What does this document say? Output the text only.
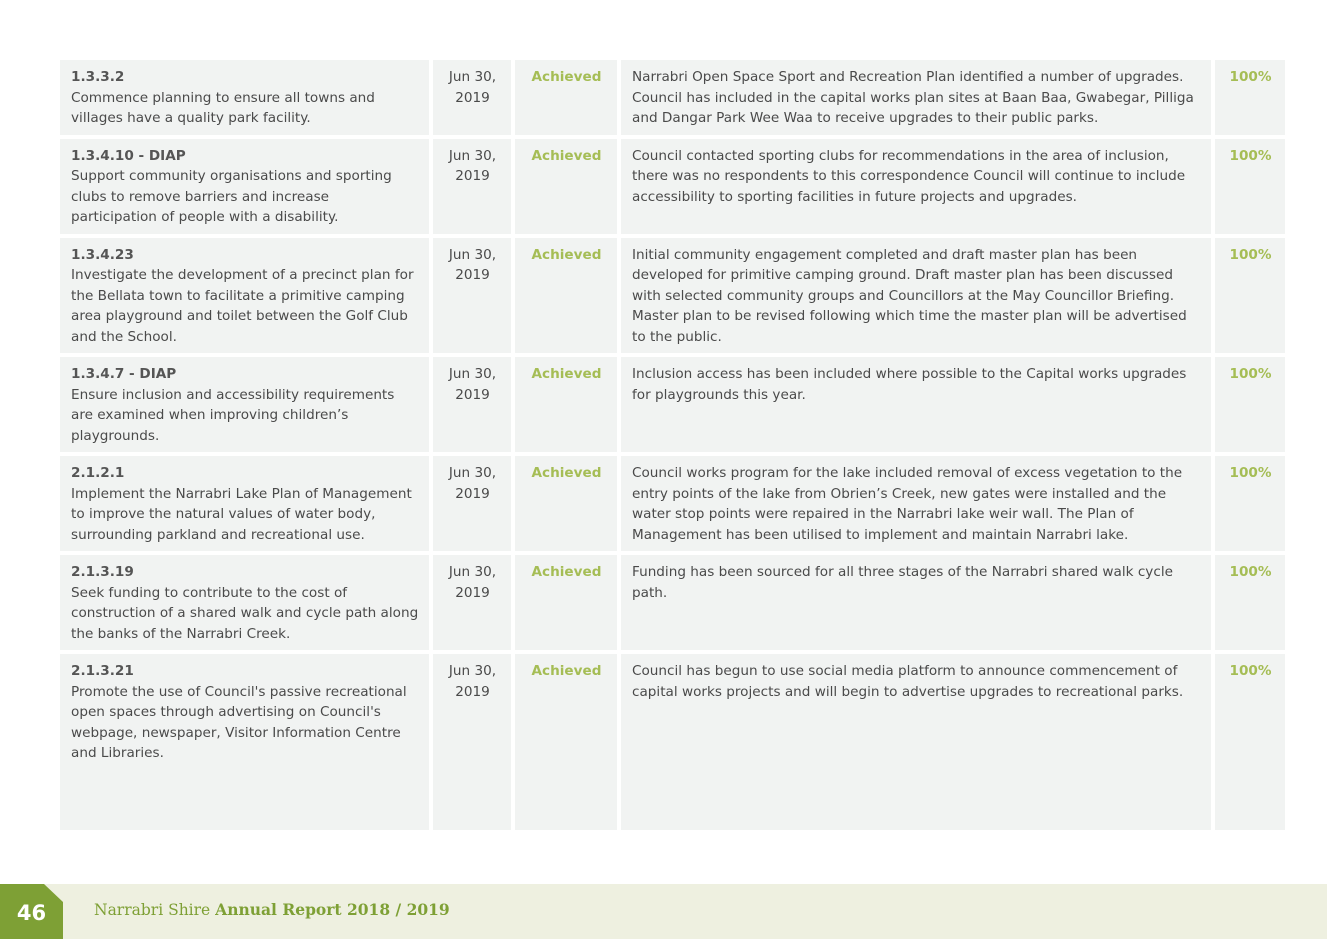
1.3.3.2
Commence planning to ensure all towns and villages have a quality park facility.	Jun 30, 2019	Achieved	Narrabri Open Space Sport and Recreation Plan identified a number of upgrades. Council has included in the capital works plan sites at Baan Baa, Gwabegar, Pilliga and Dangar Park Wee Waa to receive upgrades to their public parks.	100%

1.3.4.10 - DIAP
Support community organisations and sporting clubs to remove barriers and increase participation of people with a disability.	Jun 30, 2019	Achieved	Council contacted sporting clubs for recommendations in the area of inclusion, there was no respondents to this correspondence Council will continue to include accessibility to sporting facilities in future projects and upgrades.	100%

1.3.4.23
Investigate the development of a precinct plan for the Bellata town to facilitate a primitive camping area playground and toilet between the Golf Club and the School.	Jun 30, 2019	Achieved	Initial community engagement completed and draft master plan has been developed for primitive camping ground. Draft master plan has been discussed with selected community groups and Councillors at the May Councillor Briefing. Master plan to be revised following which time the master plan will be advertised to the public.	100%

1.3.4.7 - DIAP
Ensure inclusion and accessibility requirements are examined when improving children’s playgrounds.	Jun 30, 2019	Achieved	Inclusion access has been included where possible to the Capital works upgrades for playgrounds this year.	100%

2.1.2.1
Implement the Narrabri Lake Plan of Management to improve the natural values of water body, surrounding parkland and recreational use.	Jun 30, 2019	Achieved	Council works program for the lake included removal of excess vegetation to the entry points of the lake from Obrien’s Creek, new gates were installed and the water stop points were repaired in the Narrabri lake weir wall. The Plan of Management has been utilised to implement and maintain Narrabri lake.	100%

2.1.3.19
Seek funding to contribute to the cost of construction of a shared walk and cycle path along the banks of the Narrabri Creek.	Jun 30, 2019	Achieved	Funding has been sourced for all three stages of the Narrabri shared walk cycle path.	100%

2.1.3.21
Promote the use of Council's passive recreational open spaces through advertising on Council's webpage, newspaper, Visitor Information Centre and Libraries.	Jun 30, 2019	Achieved	Council has begun to use social media platform to announce commencement of capital works projects and will begin to advertise upgrades to recreational parks.	100%
46	Narrabri Shire Annual Report 2018 / 2019
